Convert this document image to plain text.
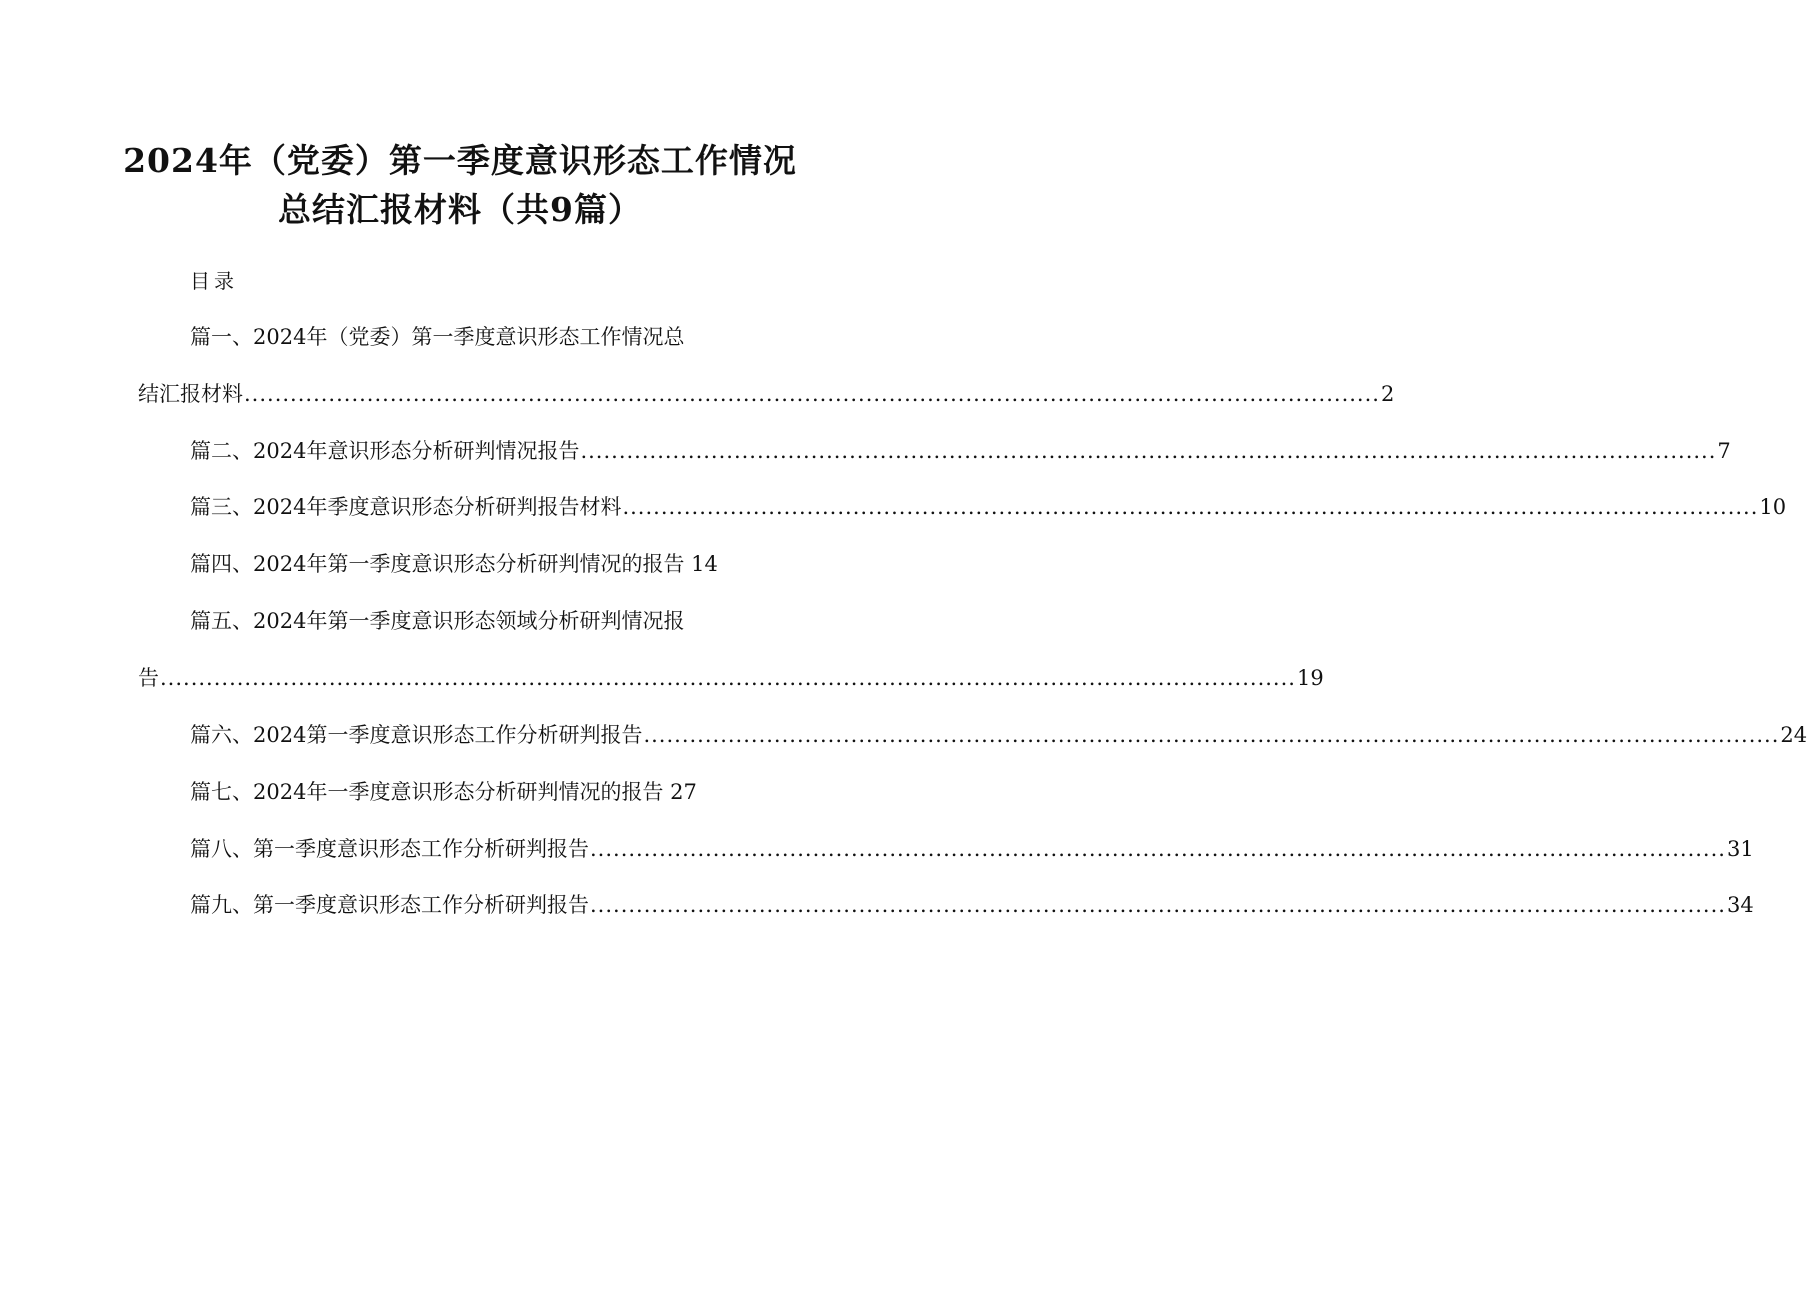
2024年（党委）第一季度意识形态工作情况
总结汇报材料（共9篇）
目录
篇一、2024年（党委）第一季度意识形态工作情况总
结汇报材料 .................................................................................................................................................... 2
篇二、2024年意识形态分析研判情况报告 .................................................................................................................................................... 7
篇三、2024年季度意识形态分析研判报告材料 .................................................................................................................................................... 10
篇四、2024年第一季度意识形态分析研判情况的报告 14
篇五、2024年第一季度意识形态领域分析研判情况报
告 .................................................................................................................................................... 19
篇六、2024第一季度意识形态工作分析研判报告 .................................................................................................................................................... 24
篇七、2024年一季度意识形态分析研判情况的报告 27
篇八、第一季度意识形态工作分析研判报告 .................................................................................................................................................... 31
篇九、第一季度意识形态工作分析研判报告 .................................................................................................................................................... 34
